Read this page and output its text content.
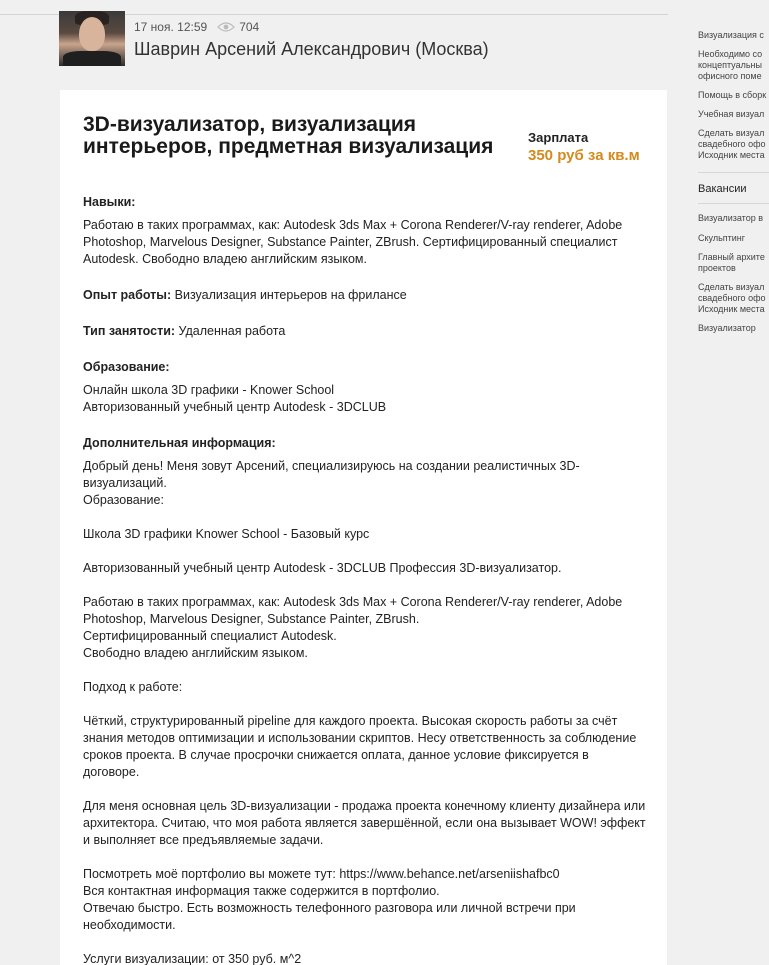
17 ноя. 12:59	704
Шаврин Арсений Александрович (Москва)
3D-визуализатор, визуализация интерьеров, предметная визуализация	Зарплата
350 руб за кв.м
Навыки:
Работаю в таких программах, как: Autodesk 3ds Max + Corona Renderer/V-ray renderer, Adobe Photoshop, Marvelous Designer, Substance Painter, ZBrush. Сертифицированный специалист Autodesk. Свободно владею английским языком.
Опыт работы: Визуализация интерьеров на фрилансе
Тип занятости: Удаленная работа
Образование:
Онлайн школа 3D графики - Knower School
Авторизованный учебный центр Autodesk - 3DCLUB
Дополнительная информация:
Добрый день! Меня зовут Арсений, специализируюсь на создании реалистичных 3D-визуализаций.
Образование:
Школа 3D графики Knower School - Базовый курс
Авторизованный учебный центр Autodesk - 3DCLUB Профессия 3D-визуализатор.
Работаю в таких программах, как: Autodesk 3ds Max + Corona Renderer/V-ray renderer, Adobe Photoshop, Marvelous Designer, Substance Painter, ZBrush.
Сертифицированный специалист Autodesk.
Свободно владею английским языком.
Подход к работе:
Чёткий, структурированный pipeline для каждого проекта. Высокая скорость работы за счёт знания методов оптимизации и использовании скриптов. Несу ответственность за соблюдение сроков проекта. В случае просрочки снижается оплата, данное условие фиксируется в договоре.
Для меня основная цель 3D-визуализации - продажа проекта конечному клиенту дизайнера или архитектора. Считаю, что моя работа является завершённой, если она вызывает WOW! эффект и выполняет все предъявляемые задачи.
Посмотреть моё портфолио вы можете тут: https://www.behance.net/arseniishafbc0
Вся контактная информация также содержится в портфолио.
Отвечаю быстро. Есть возможность телефонного разговора или личной встречи при необходимости.
Услуги визуализации: от 350 руб. м^2
Визуализация с
Необходимо со
концептуальны
офисного поме
Помощь в сборк
Учебная визуал
Сделать визуал
свадебного офо
Исходник места
Вакансии
Визуализатор в
Скульптинг
Главный архите
проектов
Сделать визуал
свадебного офо
Исходник места
Визуализатор
